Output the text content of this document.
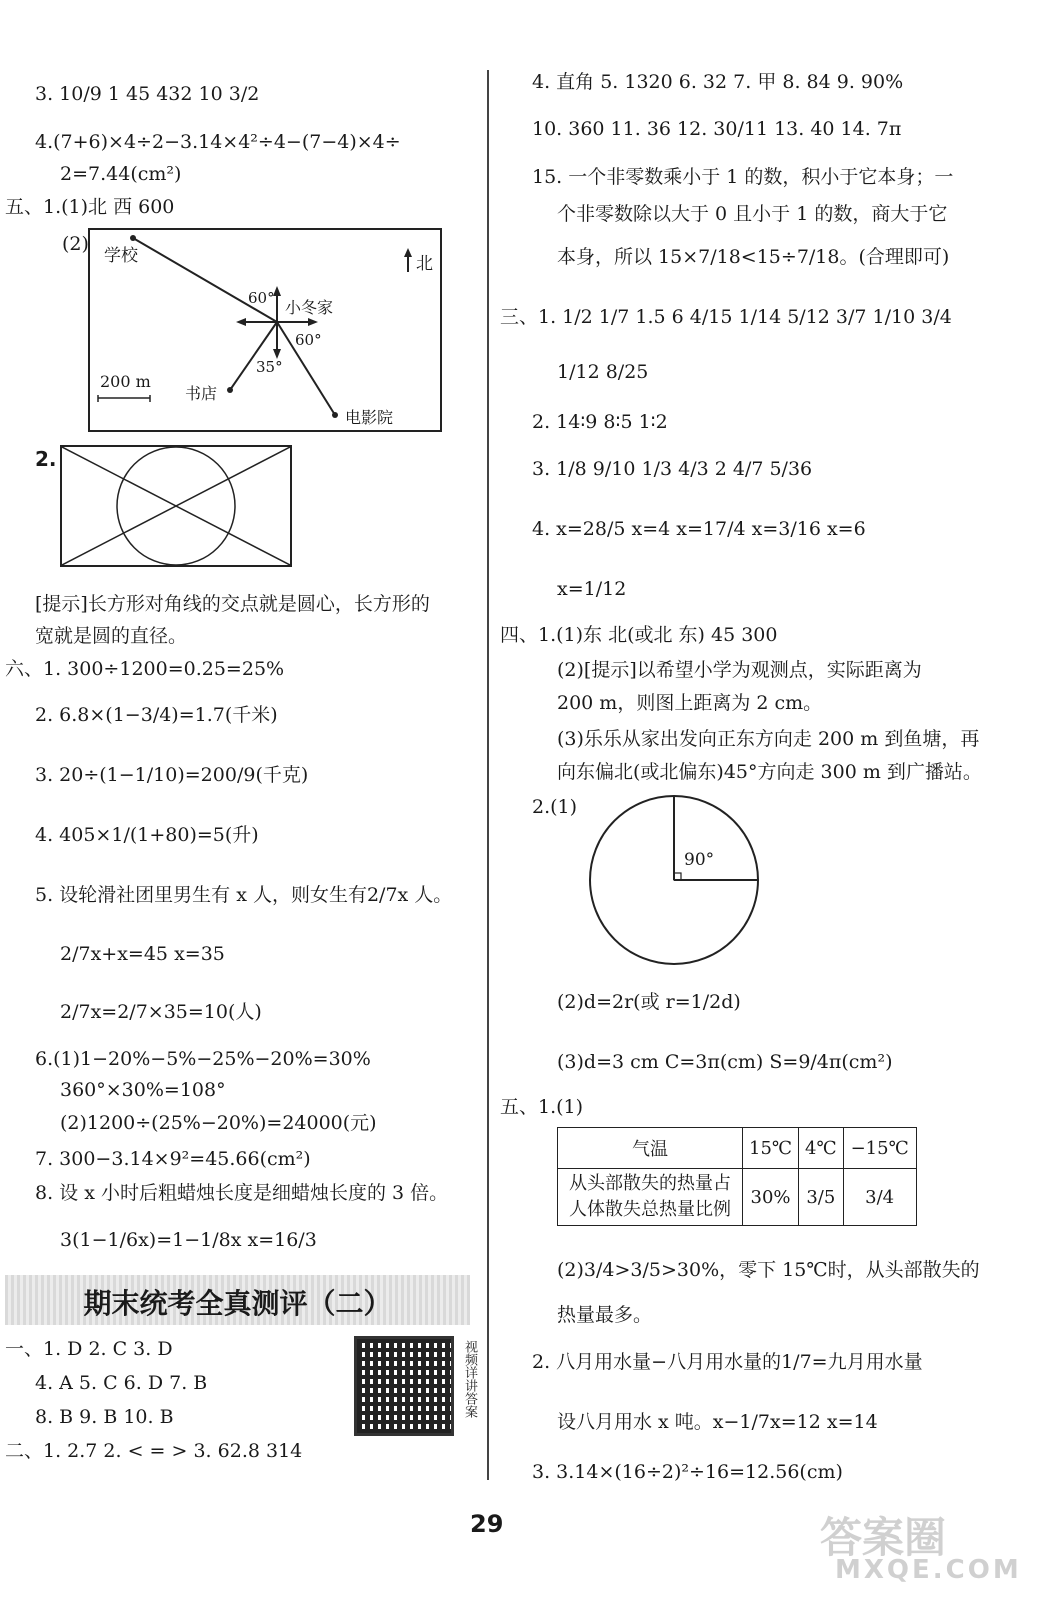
3. 10/9 1 45 432 10 3/2
4.(7+6)×4÷2−3.14×4²÷4−(7−4)×4÷
2=7.44(cm²)
五、1.(1)北 西 600
(2)
学校	北
小冬家
60°
60°
35°
200 m
书店
电影院
2.
[提示]长方形对角线的交点就是圆心，长方形的
宽就是圆的直径。
六、1. 300÷1200=0.25=25%
2. 6.8×(1−3/4)=1.7(千米)
3. 20÷(1−1/10)=200/9(千克)
4. 405×1/(1+80)=5(升)
5. 设轮滑社团里男生有 x 人，则女生有2/7x 人。
2/7x+x=45 x=35
2/7x=2/7×35=10(人)
6.(1)1−20%−5%−25%−20%=30%
360°×30%=108°
(2)1200÷(25%−20%)=24000(元)
7. 300−3.14×9²=45.66(cm²)
8. 设 x 小时后粗蜡烛长度是细蜡烛长度的 3 倍。
3(1−1/6x)=1−1/8x x=16/3
期末统考全真测评（二）
一、1. D 2. C 3. D
4. A 5. C 6. D 7. B
8. B 9. B 10. B
二、1. 2.7 2. < = > 3. 62.8 314
视频详讲答案
4. 直角 5. 1320 6. 32 7. 甲 8. 84 9. 90%
10. 360 11. 36 12. 30/11 13. 40 14. 7π
15. 一个非零数乘小于 1 的数，积小于它本身；一
个非零数除以大于 0 且小于 1 的数，商大于它
本身，所以 15×7/18<15÷7/18。(合理即可)
三、1. 1/2 1/7 1.5 6 4/15 1/14 5/12 3/7 1/10 3/4
1/12 8/25
2. 14∶9 8∶5 1∶2
3. 1/8 9/10 1/3 4/3 2 4/7 5/36
4. x=28/5 x=4 x=17/4 x=3/16 x=6
x=1/12
四、1.(1)东 北(或北 东) 45 300
(2)[提示]以希望小学为观测点，实际距离为
200 m，则图上距离为 2 cm。
(3)乐乐从家出发向正东方向走 200 m 到鱼塘，再
向东偏北(或北偏东)45°方向走 300 m 到广播站。
2.(1)
90°
(2)d=2r(或 r=1/2d)
(3)d=3 cm C=3π(cm) S=9/4π(cm²)
五、1.(1)
气温	15℃	4℃	−15℃

从头部散失的热量占
人体散失总热量比例	30%	3/5	3/4
(2)3/4>3/5>30%，零下 15℃时，从头部散失的
热量最多。
2. 八月用水量−八月用水量的1/7=九月用水量
设八月用水 x 吨。x−1/7x=12 x=14
3. 3.14×(16÷2)²÷16=12.56(cm)
29	答案圈
MXQE.COM
